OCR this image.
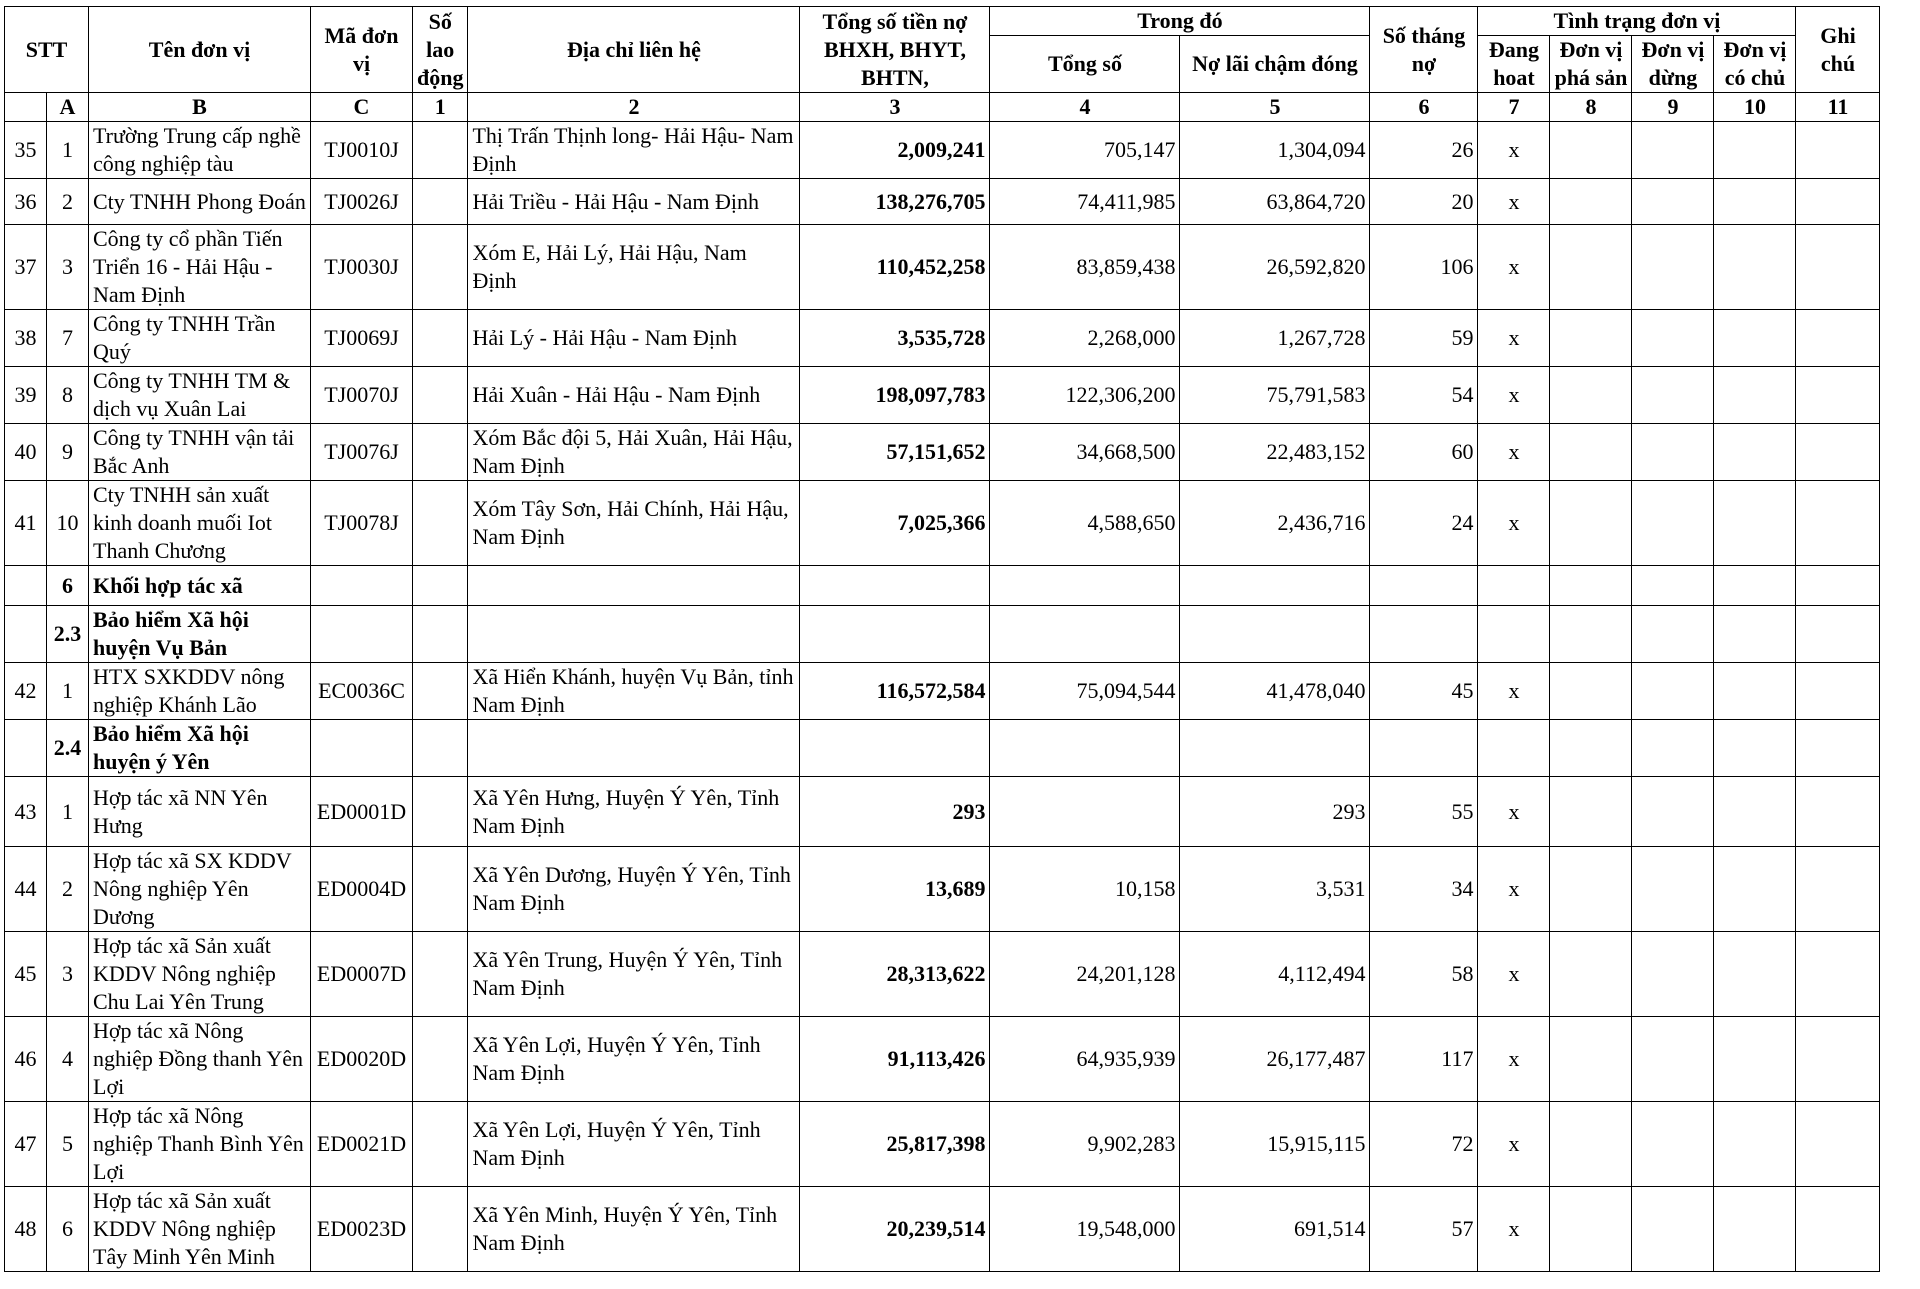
STT		Tên đơn vị	Mã đơn vị	Số lao động	Địa chỉ liên hệ	Tổng số tiền nợ BHXH, BHYT, BHTN,	Trong đó		Số tháng nợ	Tình trạng đơn vị				Ghi chú
							Tổng số	Nợ lãi chậm đóng		Đang hoat	Đơn vị phá sản	Đơn vị dừng	Đơn vị có chủ	
	A	B	C	1	2	3	4	5	6	7	8	9	10	11
35	1	Trường Trung cấp nghề công nghiệp tàu	TJ0010J		Thị Trấn Thịnh long- Hải Hậu- Nam Định	2,009,241	705,147	1,304,094	26	x				
36	2	Cty TNHH Phong Đoán	TJ0026J		Hải Triều - Hải Hậu - Nam Định	138,276,705	74,411,985	63,864,720	20	x				
37	3	Công ty cổ phần Tiến Triển 16 - Hải Hậu - Nam Định	TJ0030J		Xóm E, Hải Lý, Hải Hậu, Nam Định	110,452,258	83,859,438	26,592,820	106	x				
38	7	Công ty TNHH Trần Quý	TJ0069J		Hải Lý - Hải Hậu - Nam Định	3,535,728	2,268,000	1,267,728	59	x				
39	8	Công ty TNHH TM & dịch vụ Xuân Lai	TJ0070J		Hải Xuân - Hải Hậu - Nam Định	198,097,783	122,306,200	75,791,583	54	x				
40	9	Công ty TNHH vận tải Bắc Anh	TJ0076J		Xóm Bắc đội 5, Hải Xuân, Hải Hậu, Nam Định	57,151,652	34,668,500	22,483,152	60	x				
41	10	Cty TNHH sản xuất kinh doanh muối Iot Thanh Chương	TJ0078J		Xóm Tây Sơn, Hải Chính, Hải Hậu, Nam Định	7,025,366	4,588,650	2,436,716	24	x				
	6	Khối hợp tác xã												
	2.3	Bảo hiểm Xã hội huyện Vụ Bản												
42	1	HTX SXKDDV nông nghiệp Khánh Lão	EC0036C		Xã Hiển Khánh, huyện Vụ Bản, tỉnh Nam Định	116,572,584	75,094,544	41,478,040	45	x				
	2.4	Bảo hiểm Xã hội huyện ý Yên												
43	1	Hợp tác xã NN Yên Hưng	ED0001D		Xã Yên Hưng, Huyện Ý Yên, Tỉnh Nam Định	293		293	55	x				
44	2	Hợp tác xã SX KDDV Nông nghiệp Yên Dương	ED0004D		Xã Yên Dương, Huyện Ý Yên, Tỉnh Nam Định	13,689	10,158	3,531	34	x				
45	3	Hợp tác xã Sản xuất KDDV Nông nghiệp Chu Lai Yên Trung	ED0007D		Xã Yên Trung, Huyện Ý Yên, Tỉnh Nam Định	28,313,622	24,201,128	4,112,494	58	x				
46	4	Hợp tác xã Nông nghiệp Đồng thanh Yên Lợi	ED0020D		Xã Yên Lợi, Huyện Ý Yên, Tỉnh Nam Định	91,113,426	64,935,939	26,177,487	117	x				
47	5	Hợp tác xã Nông nghiệp Thanh Bình Yên Lợi	ED0021D		Xã Yên Lợi, Huyện Ý Yên, Tỉnh Nam Định	25,817,398	9,902,283	15,915,115	72	x				
48	6	Hợp tác xã Sản xuất KDDV Nông nghiệp Tây Minh Yên Minh	ED0023D		Xã Yên Minh, Huyện Ý Yên, Tỉnh Nam Định	20,239,514	19,548,000	691,514	57	x				
